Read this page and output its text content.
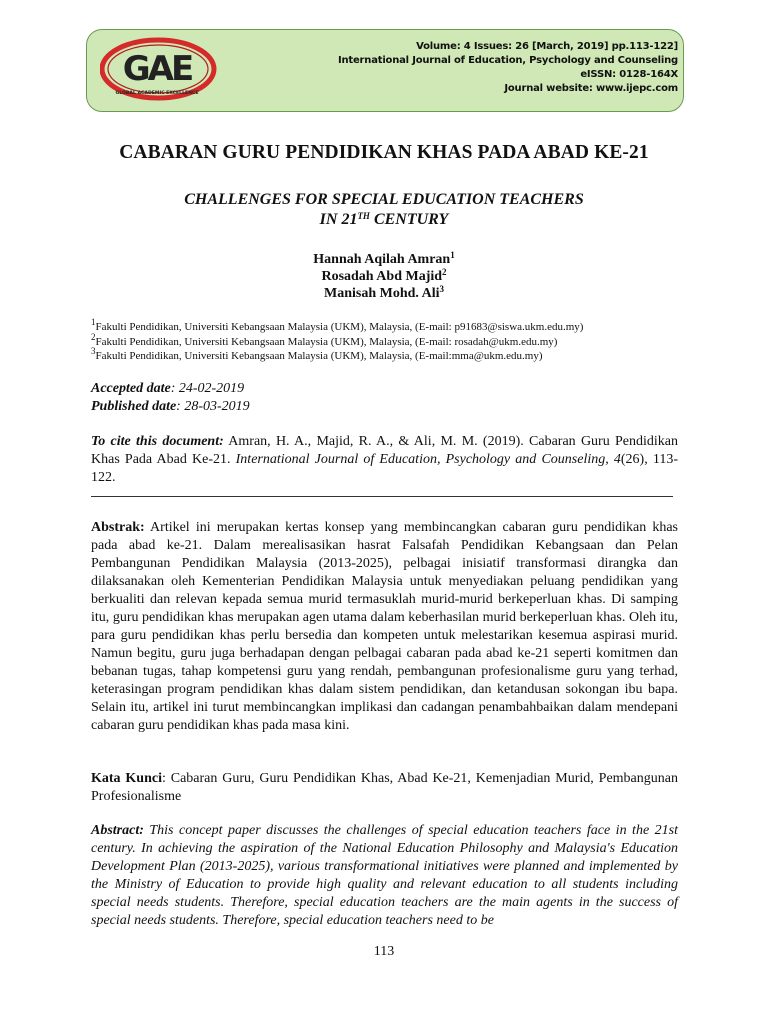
GAE
GLOBAL ACADEMIC EXCELLENCE
Volume: 4 Issues: 26 [March, 2019] pp.113-122]
International Journal of Education, Psychology and Counseling
eISSN: 0128-164X
Journal website: www.ijepc.com
CABARAN GURU PENDIDIKAN KHAS PADA ABAD KE-21
CHALLENGES FOR SPECIAL EDUCATION TEACHERS
IN 21TH CENTURY
Hannah Aqilah Amran$^1$
Rosadah Abd Majid$^2$
Manisah Mohd. Ali$^3$
$^1$Fakulti Pendidikan, Universiti Kebangsaan Malaysia (UKM), Malaysia, (E-mail: p91683@siswa.ukm.edu.my)
$^2$Fakulti Pendidikan, Universiti Kebangsaan Malaysia (UKM), Malaysia, (E-mail: rosadah@ukm.edu.my)
$^3$Fakulti Pendidikan, Universiti Kebangsaan Malaysia (UKM), Malaysia, (E-mail:mma@ukm.edu.my)
Accepted date: 24-02-2019
Published date: 28-03-2019
To cite this document: Amran, H. A., Majid, R. A., & Ali, M. M. (2019). Cabaran Guru Pendidikan Khas Pada Abad Ke-21. International Journal of Education, Psychology and Counseling, 4(26), 113-122.
Abstrak: Artikel ini merupakan kertas konsep yang membincangkan cabaran guru pendidikan khas pada abad ke-21. Dalam merealisasikan hasrat Falsafah Pendidikan Kebangsaan dan Pelan Pembangunan Pendidikan Malaysia (2013-2025), pelbagai inisiatif transformasi dirangka dan dilaksanakan oleh Kementerian Pendidikan Malaysia untuk menyediakan peluang pendidikan yang berkualiti dan relevan kepada semua murid termasuklah murid-murid berkeperluan khas. Di samping itu, guru pendidikan khas merupakan agen utama dalam keberhasilan murid berkeperluan khas. Oleh itu, para guru pendidikan khas perlu bersedia dan kompeten untuk melestarikan kesemua aspirasi murid. Namun begitu, guru juga berhadapan dengan pelbagai cabaran pada abad ke-21 seperti komitmen dan bebanan tugas, tahap kompetensi guru yang rendah, pembangunan profesionalisme guru yang terhad, keterasingan program pendidikan khas dalam sistem pendidikan, dan ketandusan sokongan ibu bapa. Selain itu, artikel ini turut membincangkan implikasi dan cadangan penambahbaikan dalam mendepani cabaran guru pendidikan khas pada masa kini.
Kata Kunci: Cabaran Guru, Guru Pendidikan Khas, Abad Ke-21, Kemenjadian Murid, Pembangunan Profesionalisme
Abstract: This concept paper discusses the challenges of special education teachers face in the 21st century. In achieving the aspiration of the National Education Philosophy and Malaysia's Education Development Plan (2013-2025), various transformational initiatives were planned and implemented by the Ministry of Education to provide high quality and relevant education to all students including special needs students. Therefore, special education teachers are the main agents in the success of special needs students. Therefore, special education teachers need to be
113
